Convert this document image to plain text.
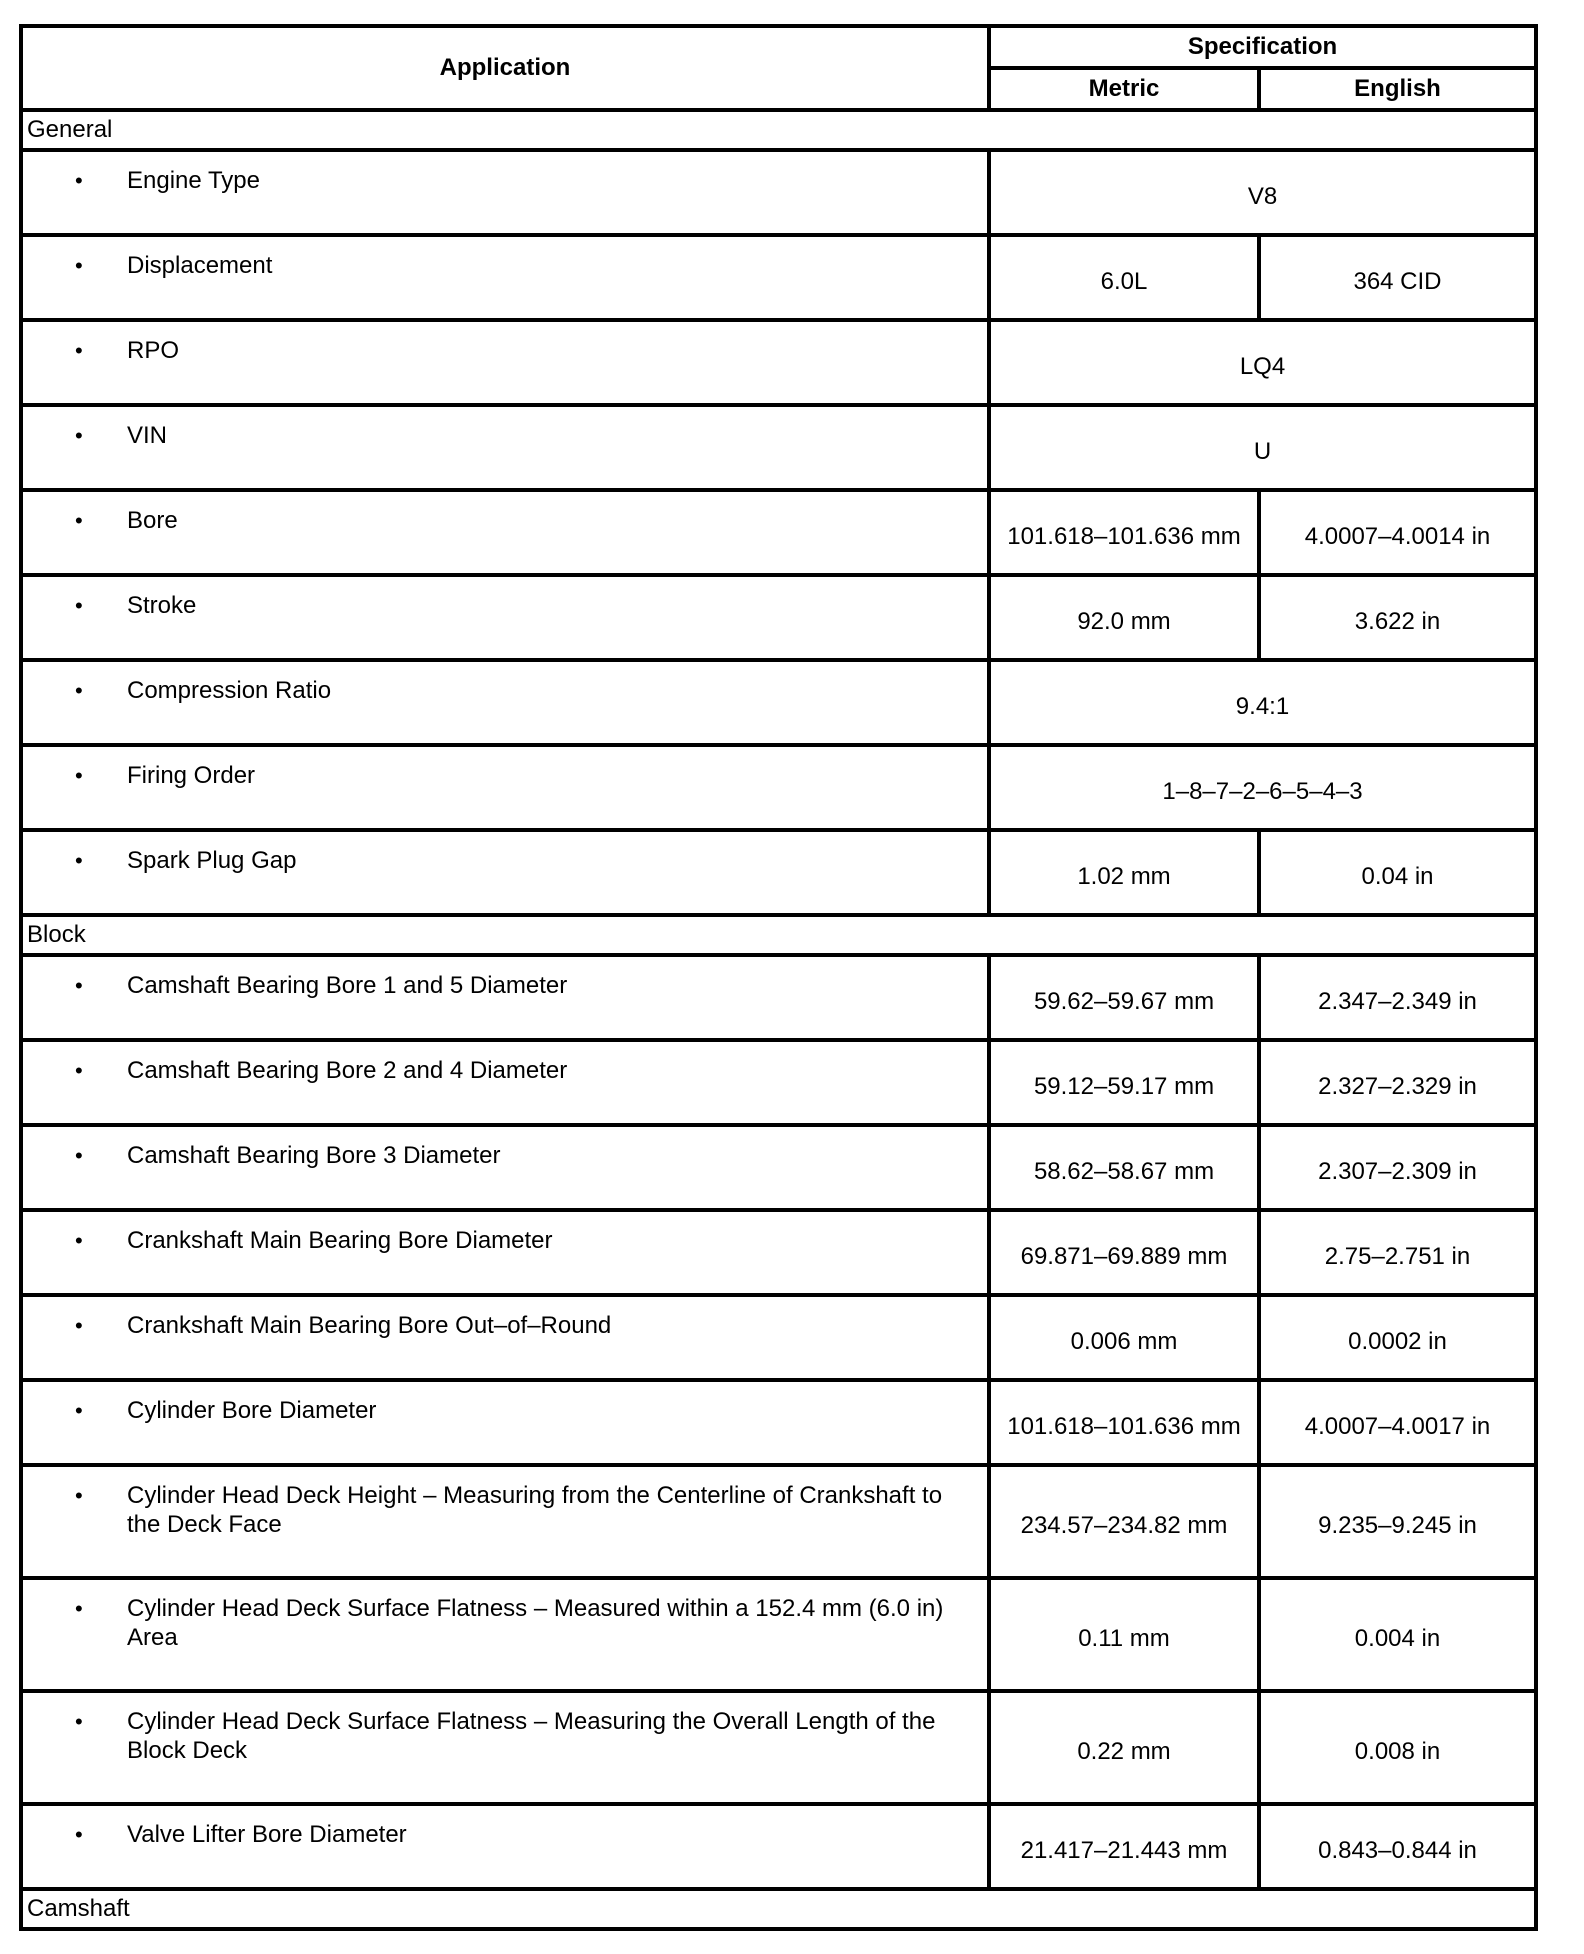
Application	Specification	
	Metric	English
General		

• Engine Type	V8	

• Displacement	6.0L	364 CID

• RPO	LQ4	

• VIN	U	

• Bore	101.618–101.636 mm	4.0007–4.0014 in

• Stroke	92.0 mm	3.622 in

• Compression Ratio	9.4:1	

• Firing Order	1–8–7–2–6–5–4–3	

• Spark Plug Gap	1.02 mm	0.04 in
Block		

• Camshaft Bearing Bore 1 and 5 Diameter	59.62–59.67 mm	2.347–2.349 in

• Camshaft Bearing Bore 2 and 4 Diameter	59.12–59.17 mm	2.327–2.329 in

• Camshaft Bearing Bore 3 Diameter	58.62–58.67 mm	2.307–2.309 in

• Crankshaft Main Bearing Bore Diameter	69.871–69.889 mm	2.75–2.751 in

• Crankshaft Main Bearing Bore Out–of–Round	0.006 mm	0.0002 in

• Cylinder Bore Diameter	101.618–101.636 mm	4.0007–4.0017 in

• Cylinder Head Deck Height – Measuring from the Centerline of Crankshaft to the Deck Face	234.57–234.82 mm	9.235–9.245 in

• Cylinder Head Deck Surface Flatness – Measured within a 152.4 mm (6.0 in) Area	0.11 mm	0.004 in

• Cylinder Head Deck Surface Flatness – Measuring the Overall Length of the Block Deck	0.22 mm	0.008 in

• Valve Lifter Bore Diameter	21.417–21.443 mm	0.843–0.844 in
Camshaft		
